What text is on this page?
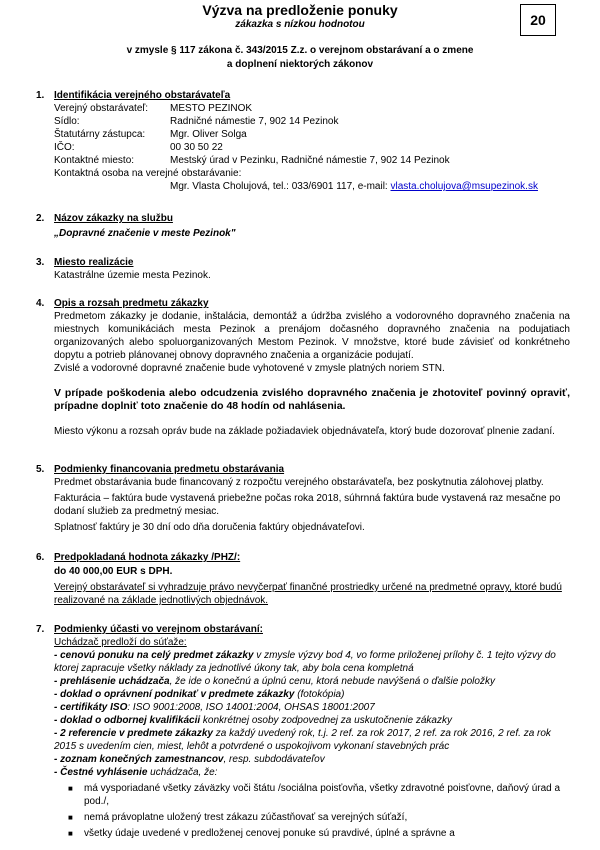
Výzva na predloženie ponuky
zákazka s nízkou hodnotou	20
v zmysle § 117 zákona č. 343/2015 Z.z. o verejnom obstarávaní a o zmene
a doplnení niektorých zákonov
1. Identifikácia verejného obstarávateľa
Verejný obstarávateľ:	MESTO PEZINOK
Sídlo:	Radničné námestie 7, 902 14 Pezinok
Štatutárny zástupca:	Mgr. Oliver Solga
IČO:	00 30 50 22
Kontaktné miesto:	Mestský úrad v Pezinku, Radničné námestie 7, 902 14 Pezinok
Kontaktná osoba na verejné obstarávanie:
Mgr. Vlasta Cholujová, tel.: 033/6901 117, e-mail: vlasta.cholujova@msupezinok.sk
2. Názov zákazky na službu
„Dopravné značenie v meste Pezinok"
3. Miesto realizácie
Katastrálne územie mesta Pezinok.
4. Opis a rozsah predmetu zákazky

Predmetom zákazky je dodanie, inštalácia, demontáž a údržba zvislého a vodorovného dopravného značenia na miestnych komunikáciách mesta Pezinok a prenájom dočasného dopravného značenia na podujatiach organizovaných alebo spoluorganizovaných Mestom Pezinok. V množstve, ktoré bude závisieť od konkrétneho dopytu a potrieb plánovanej obnovy dopravného značenia a organizácie podujatí.

Zvislé a vodorovné dopravné značenie bude vyhotovené v zmysle platných noriem STN.

V prípade poškodenia alebo odcudzenia zvislého dopravného značenia je zhotoviteľ povinný opraviť, prípadne doplniť toto značenie do 48 hodín od nahlásenia.

Miesto výkonu a rozsah opráv bude na základe požiadaviek objednávateľa, ktorý bude dozorovať plnenie zadaní.

5. Podmienky financovania predmetu obstarávania

Predmet obstarávania bude financovaný z rozpočtu verejného obstarávateľa, bez poskytnutia zálohovej platby.

Fakturácia – faktúra bude vystavená priebežne počas roka 2018, súhrnná faktúra bude vystavená raz mesačne po dodaní služieb za predmetný mesiac.

Splatnosť faktúry je 30 dní odo dňa doručenia faktúry objednávateľovi.

6. Predpokladaná hodnota zákazky /PHZ/:
do 40 000,00 EUR s DPH.

Verejný obstarávateľ si vyhradzuje právo nevyčerpať finančné prostriedky určené na predmetné opravy, ktoré budú realizované na základe jednotlivých objednávok.

7. Podmienky účasti vo verejnom obstarávaní:
Uchádzač predloží do súťaže:

- cenovú ponuku na celý predmet zákazky v zmysle výzvy bod 4, vo forme priloženej prílohy č. 1 tejto výzvy do ktorej zapracuje všetky náklady za jednotlivé úkony tak, aby bola cena kompletná

- prehlásenie uchádzača, že ide o konečnú a úplnú cenu, ktorá nebude navýšená o ďalšie položky

- doklad o oprávnení podnikať v predmete zákazky (fotokópia)

- certifikáty ISO: ISO 9001:2008, ISO 14001:2004, OHSAS 18001:2007

- doklad o odbornej kvalifikácii konkrétnej osoby zodpovednej za uskutočnenie zákazky

- 2 referencie v predmete zákazky za každý uvedený rok, t.j. 2 ref. za rok 2017, 2 ref. za rok 2016, 2 ref. za rok 2015 s uvedením cien, miest, lehôt a potvrdené o uspokojivom vykonaní stavebných prác

- zoznam konečných zamestnancov, resp. subdodávateľov

- Čestné vyhlásenie uchádzača, že:

■ má vysporiadané všetky záväzky voči štátu /sociálna poisťovňa, všetky zdravotné poisťovne, daňový úrad a pod./,
■ nemá právoplatne uložený trest zákazu zúčastňovať sa verejných súťaží,
■ všetky údaje uvedené v predloženej cenovej ponuke sú pravdivé, úplné a správne a
